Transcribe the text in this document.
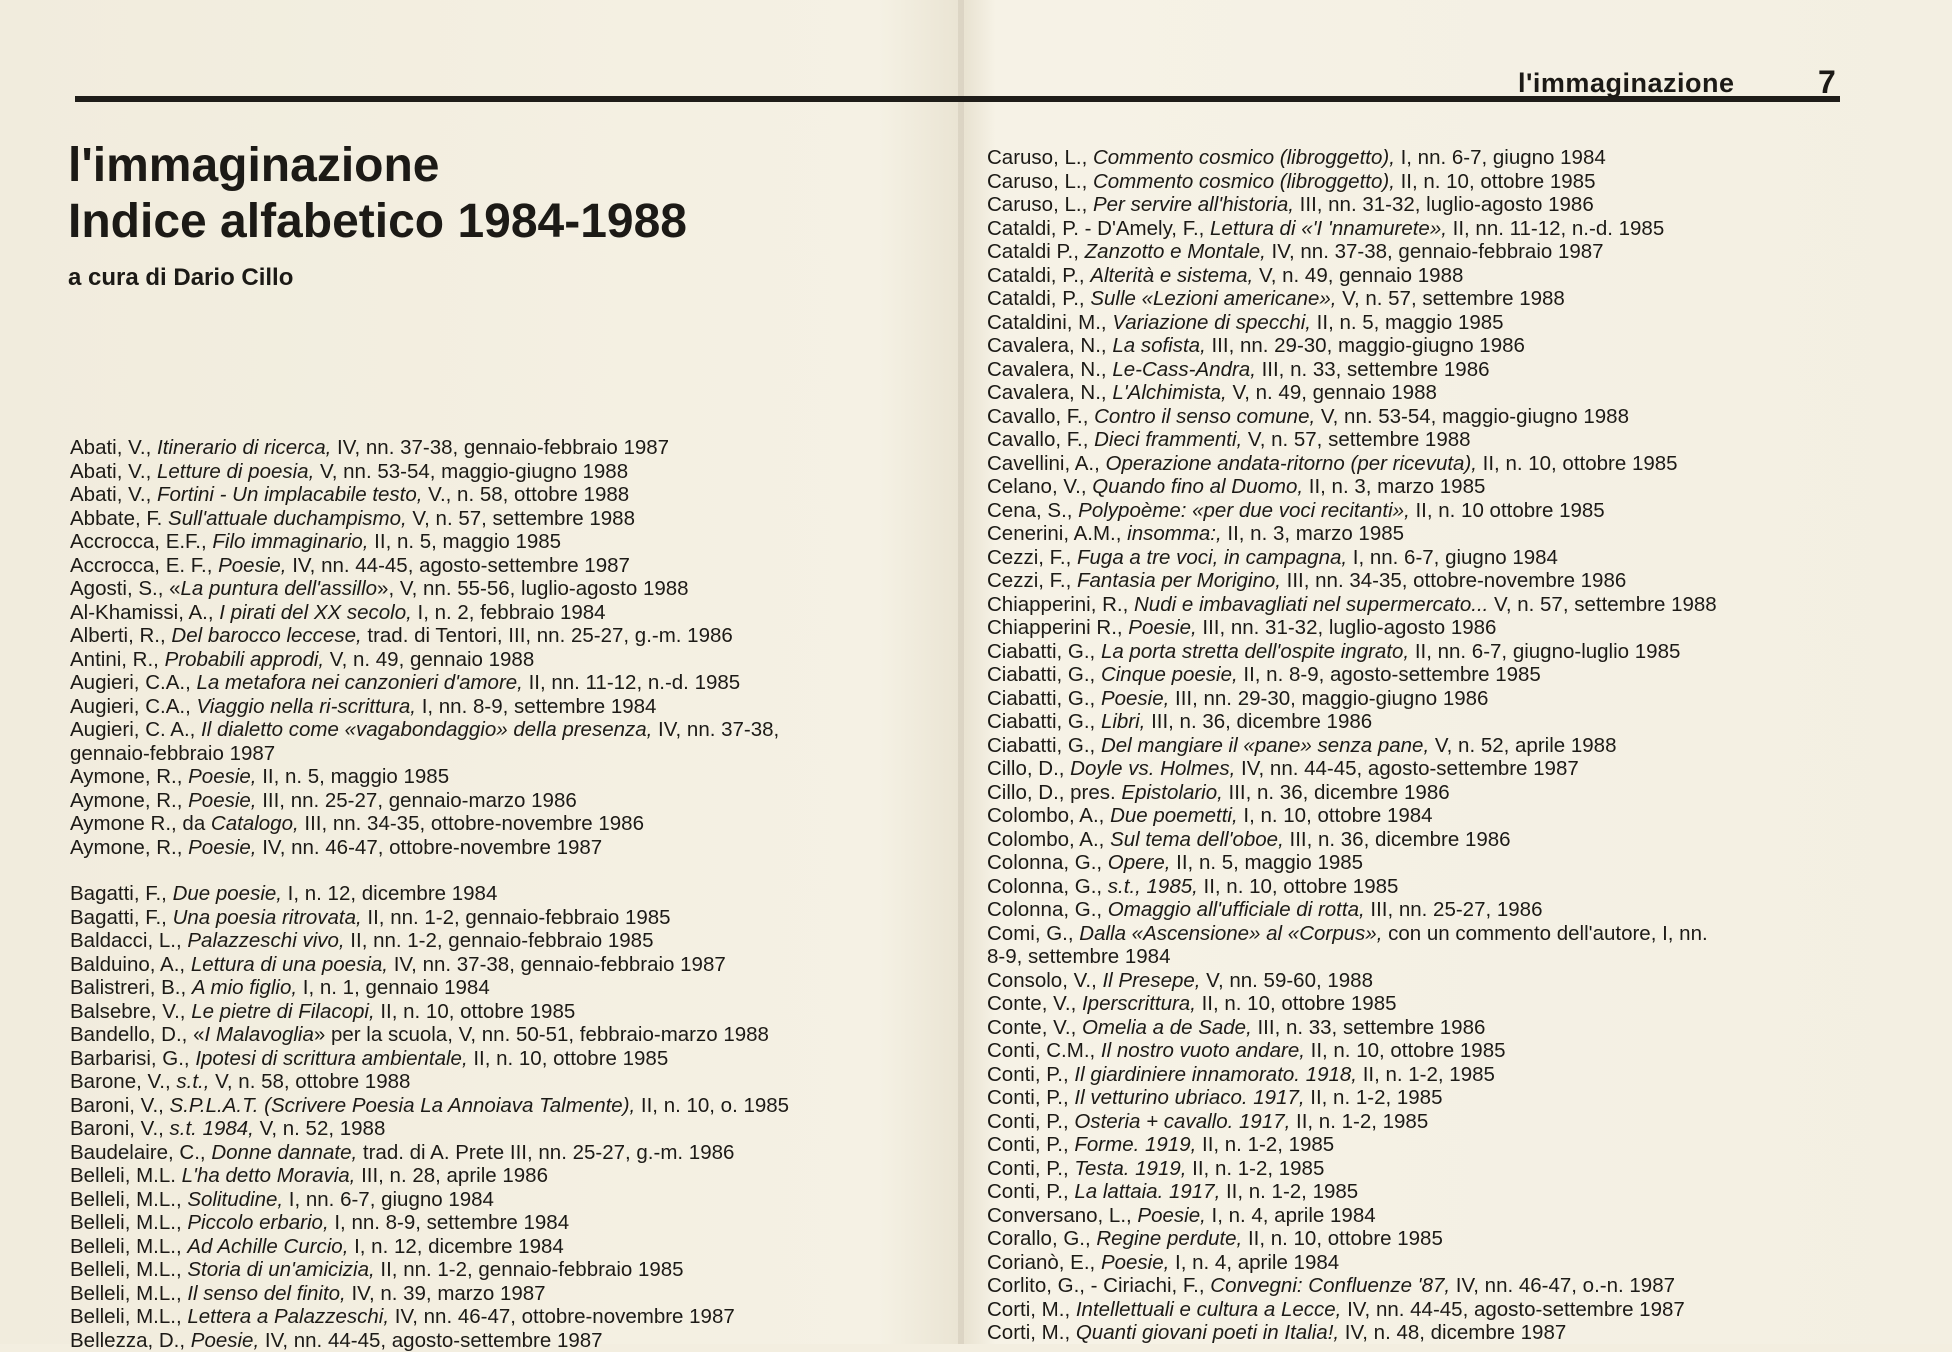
l'immaginazione	7
l'immaginazione
Indice alfabetico 1984-1988
a cura di Dario Cillo
Abati, V., Itinerario di ricerca, IV, nn. 37-38, gennaio-febbraio 1987
Abati, V., Letture di poesia, V, nn. 53-54, maggio-giugno 1988
Abati, V., Fortini - Un implacabile testo, V., n. 58, ottobre 1988
Abbate, F. Sull'attuale duchampismo, V, n. 57, settembre 1988
Accrocca, E.F., Filo immaginario, II, n. 5, maggio 1985
Accrocca, E. F., Poesie, IV, nn. 44-45, agosto-settembre 1987
Agosti, S., «La puntura dell'assillo», V, nn. 55-56, luglio-agosto 1988
Al-Khamissi, A., I pirati del XX secolo, I, n. 2, febbraio 1984
Alberti, R., Del barocco leccese, trad. di Tentori, III, nn. 25-27, g.-m. 1986
Antini, R., Probabili approdi, V, n. 49, gennaio 1988
Augieri, C.A., La metafora nei canzonieri d'amore, II, nn. 11-12, n.-d. 1985
Augieri, C.A., Viaggio nella ri-scrittura, I, nn. 8-9, settembre 1984
Augieri, C. A., Il dialetto come «vagabondaggio» della presenza, IV, nn. 37-38,
gennaio-febbraio 1987
Aymone, R., Poesie, II, n. 5, maggio 1985
Aymone, R., Poesie, III, nn. 25-27, gennaio-marzo 1986
Aymone R., da Catalogo, III, nn. 34-35, ottobre-novembre 1986
Aymone, R., Poesie, IV, nn. 46-47, ottobre-novembre 1987
Bagatti, F., Due poesie, I, n. 12, dicembre 1984
Bagatti, F., Una poesia ritrovata, II, nn. 1-2, gennaio-febbraio 1985
Baldacci, L., Palazzeschi vivo, II, nn. 1-2, gennaio-febbraio 1985
Balduino, A., Lettura di una poesia, IV, nn. 37-38, gennaio-febbraio 1987
Balistreri, B., A mio figlio, I, n. 1, gennaio 1984
Balsebre, V., Le pietre di Filacopi, II, n. 10, ottobre 1985
Bandello, D., «I Malavoglia» per la scuola, V, nn. 50-51, febbraio-marzo 1988
Barbarisi, G., Ipotesi di scrittura ambientale, II, n. 10, ottobre 1985
Barone, V., s.t., V, n. 58, ottobre 1988
Baroni, V., S.P.L.A.T. (Scrivere Poesia La Annoiava Talmente), II, n. 10, o. 1985
Baroni, V., s.t. 1984, V, n. 52, 1988
Baudelaire, C., Donne dannate, trad. di A. Prete III, nn. 25-27, g.-m. 1986
Belleli, M.L. L'ha detto Moravia, III, n. 28, aprile 1986
Belleli, M.L., Solitudine, I, nn. 6-7, giugno 1984
Belleli, M.L., Piccolo erbario, I, nn. 8-9, settembre 1984
Belleli, M.L., Ad Achille Curcio, I, n. 12, dicembre 1984
Belleli, M.L., Storia di un'amicizia, II, nn. 1-2, gennaio-febbraio 1985
Belleli, M.L., Il senso del finito, IV, n. 39, marzo 1987
Belleli, M.L., Lettera a Palazzeschi, IV, nn. 46-47, ottobre-novembre 1987
Bellezza, D., Poesie, IV, nn. 44-45, agosto-settembre 1987
Caruso, L., Commento cosmico (libroggetto), I, nn. 6-7, giugno 1984
Caruso, L., Commento cosmico (libroggetto), II, n. 10, ottobre 1985
Caruso, L., Per servire all'historia, III, nn. 31-32, luglio-agosto 1986
Cataldi, P. - D'Amely, F., Lettura di «'I 'nnamurete», II, nn. 11-12, n.-d. 1985
Cataldi P., Zanzotto e Montale, IV, nn. 37-38, gennaio-febbraio 1987
Cataldi, P., Alterità e sistema, V, n. 49, gennaio 1988
Cataldi, P., Sulle «Lezioni americane», V, n. 57, settembre 1988
Cataldini, M., Variazione di specchi, II, n. 5, maggio 1985
Cavalera, N., La sofista, III, nn. 29-30, maggio-giugno 1986
Cavalera, N., Le-Cass-Andra, III, n. 33, settembre 1986
Cavalera, N., L'Alchimista, V, n. 49, gennaio 1988
Cavallo, F., Contro il senso comune, V, nn. 53-54, maggio-giugno 1988
Cavallo, F., Dieci frammenti, V, n. 57, settembre 1988
Cavellini, A., Operazione andata-ritorno (per ricevuta), II, n. 10, ottobre 1985
Celano, V., Quando fino al Duomo, II, n. 3, marzo 1985
Cena, S., Polypoème: «per due voci recitanti», II, n. 10 ottobre 1985
Cenerini, A.M., insomma:, II, n. 3, marzo 1985
Cezzi, F., Fuga a tre voci, in campagna, I, nn. 6-7, giugno 1984
Cezzi, F., Fantasia per Morigino, III, nn. 34-35, ottobre-novembre 1986
Chiapperini, R., Nudi e imbavagliati nel supermercato... V, n. 57, settembre 1988
Chiapperini R., Poesie, III, nn. 31-32, luglio-agosto 1986
Ciabatti, G., La porta stretta dell'ospite ingrato, II, nn. 6-7, giugno-luglio 1985
Ciabatti, G., Cinque poesie, II, n. 8-9, agosto-settembre 1985
Ciabatti, G., Poesie, III, nn. 29-30, maggio-giugno 1986
Ciabatti, G., Libri, III, n. 36, dicembre 1986
Ciabatti, G., Del mangiare il «pane» senza pane, V, n. 52, aprile 1988
Cillo, D., Doyle vs. Holmes, IV, nn. 44-45, agosto-settembre 1987
Cillo, D., pres. Epistolario, III, n. 36, dicembre 1986
Colombo, A., Due poemetti, I, n. 10, ottobre 1984
Colombo, A., Sul tema dell'oboe, III, n. 36, dicembre 1986
Colonna, G., Opere, II, n. 5, maggio 1985
Colonna, G., s.t., 1985, II, n. 10, ottobre 1985
Colonna, G., Omaggio all'ufficiale di rotta, III, nn. 25-27, 1986
Comi, G., Dalla «Ascensione» al «Corpus», con un commento dell'autore, I, nn.
8-9, settembre 1984
Consolo, V., Il Presepe, V, nn. 59-60, 1988
Conte, V., Iperscrittura, II, n. 10, ottobre 1985
Conte, V., Omelia a de Sade, III, n. 33, settembre 1986
Conti, C.M., Il nostro vuoto andare, II, n. 10, ottobre 1985
Conti, P., Il giardiniere innamorato. 1918, II, n. 1-2, 1985
Conti, P., Il vetturino ubriaco. 1917, II, n. 1-2, 1985
Conti, P., Osteria + cavallo. 1917, II, n. 1-2, 1985
Conti, P., Forme. 1919, II, n. 1-2, 1985
Conti, P., Testa. 1919, II, n. 1-2, 1985
Conti, P., La lattaia. 1917, II, n. 1-2, 1985
Conversano, L., Poesie, I, n. 4, aprile 1984
Corallo, G., Regine perdute, II, n. 10, ottobre 1985
Corianò, E., Poesie, I, n. 4, aprile 1984
Corlito, G., - Ciriachi, F., Convegni: Confluenze '87, IV, nn. 46-47, o.-n. 1987
Corti, M., Intellettuali e cultura a Lecce, IV, nn. 44-45, agosto-settembre 1987
Corti, M., Quanti giovani poeti in Italia!, IV, n. 48, dicembre 1987
